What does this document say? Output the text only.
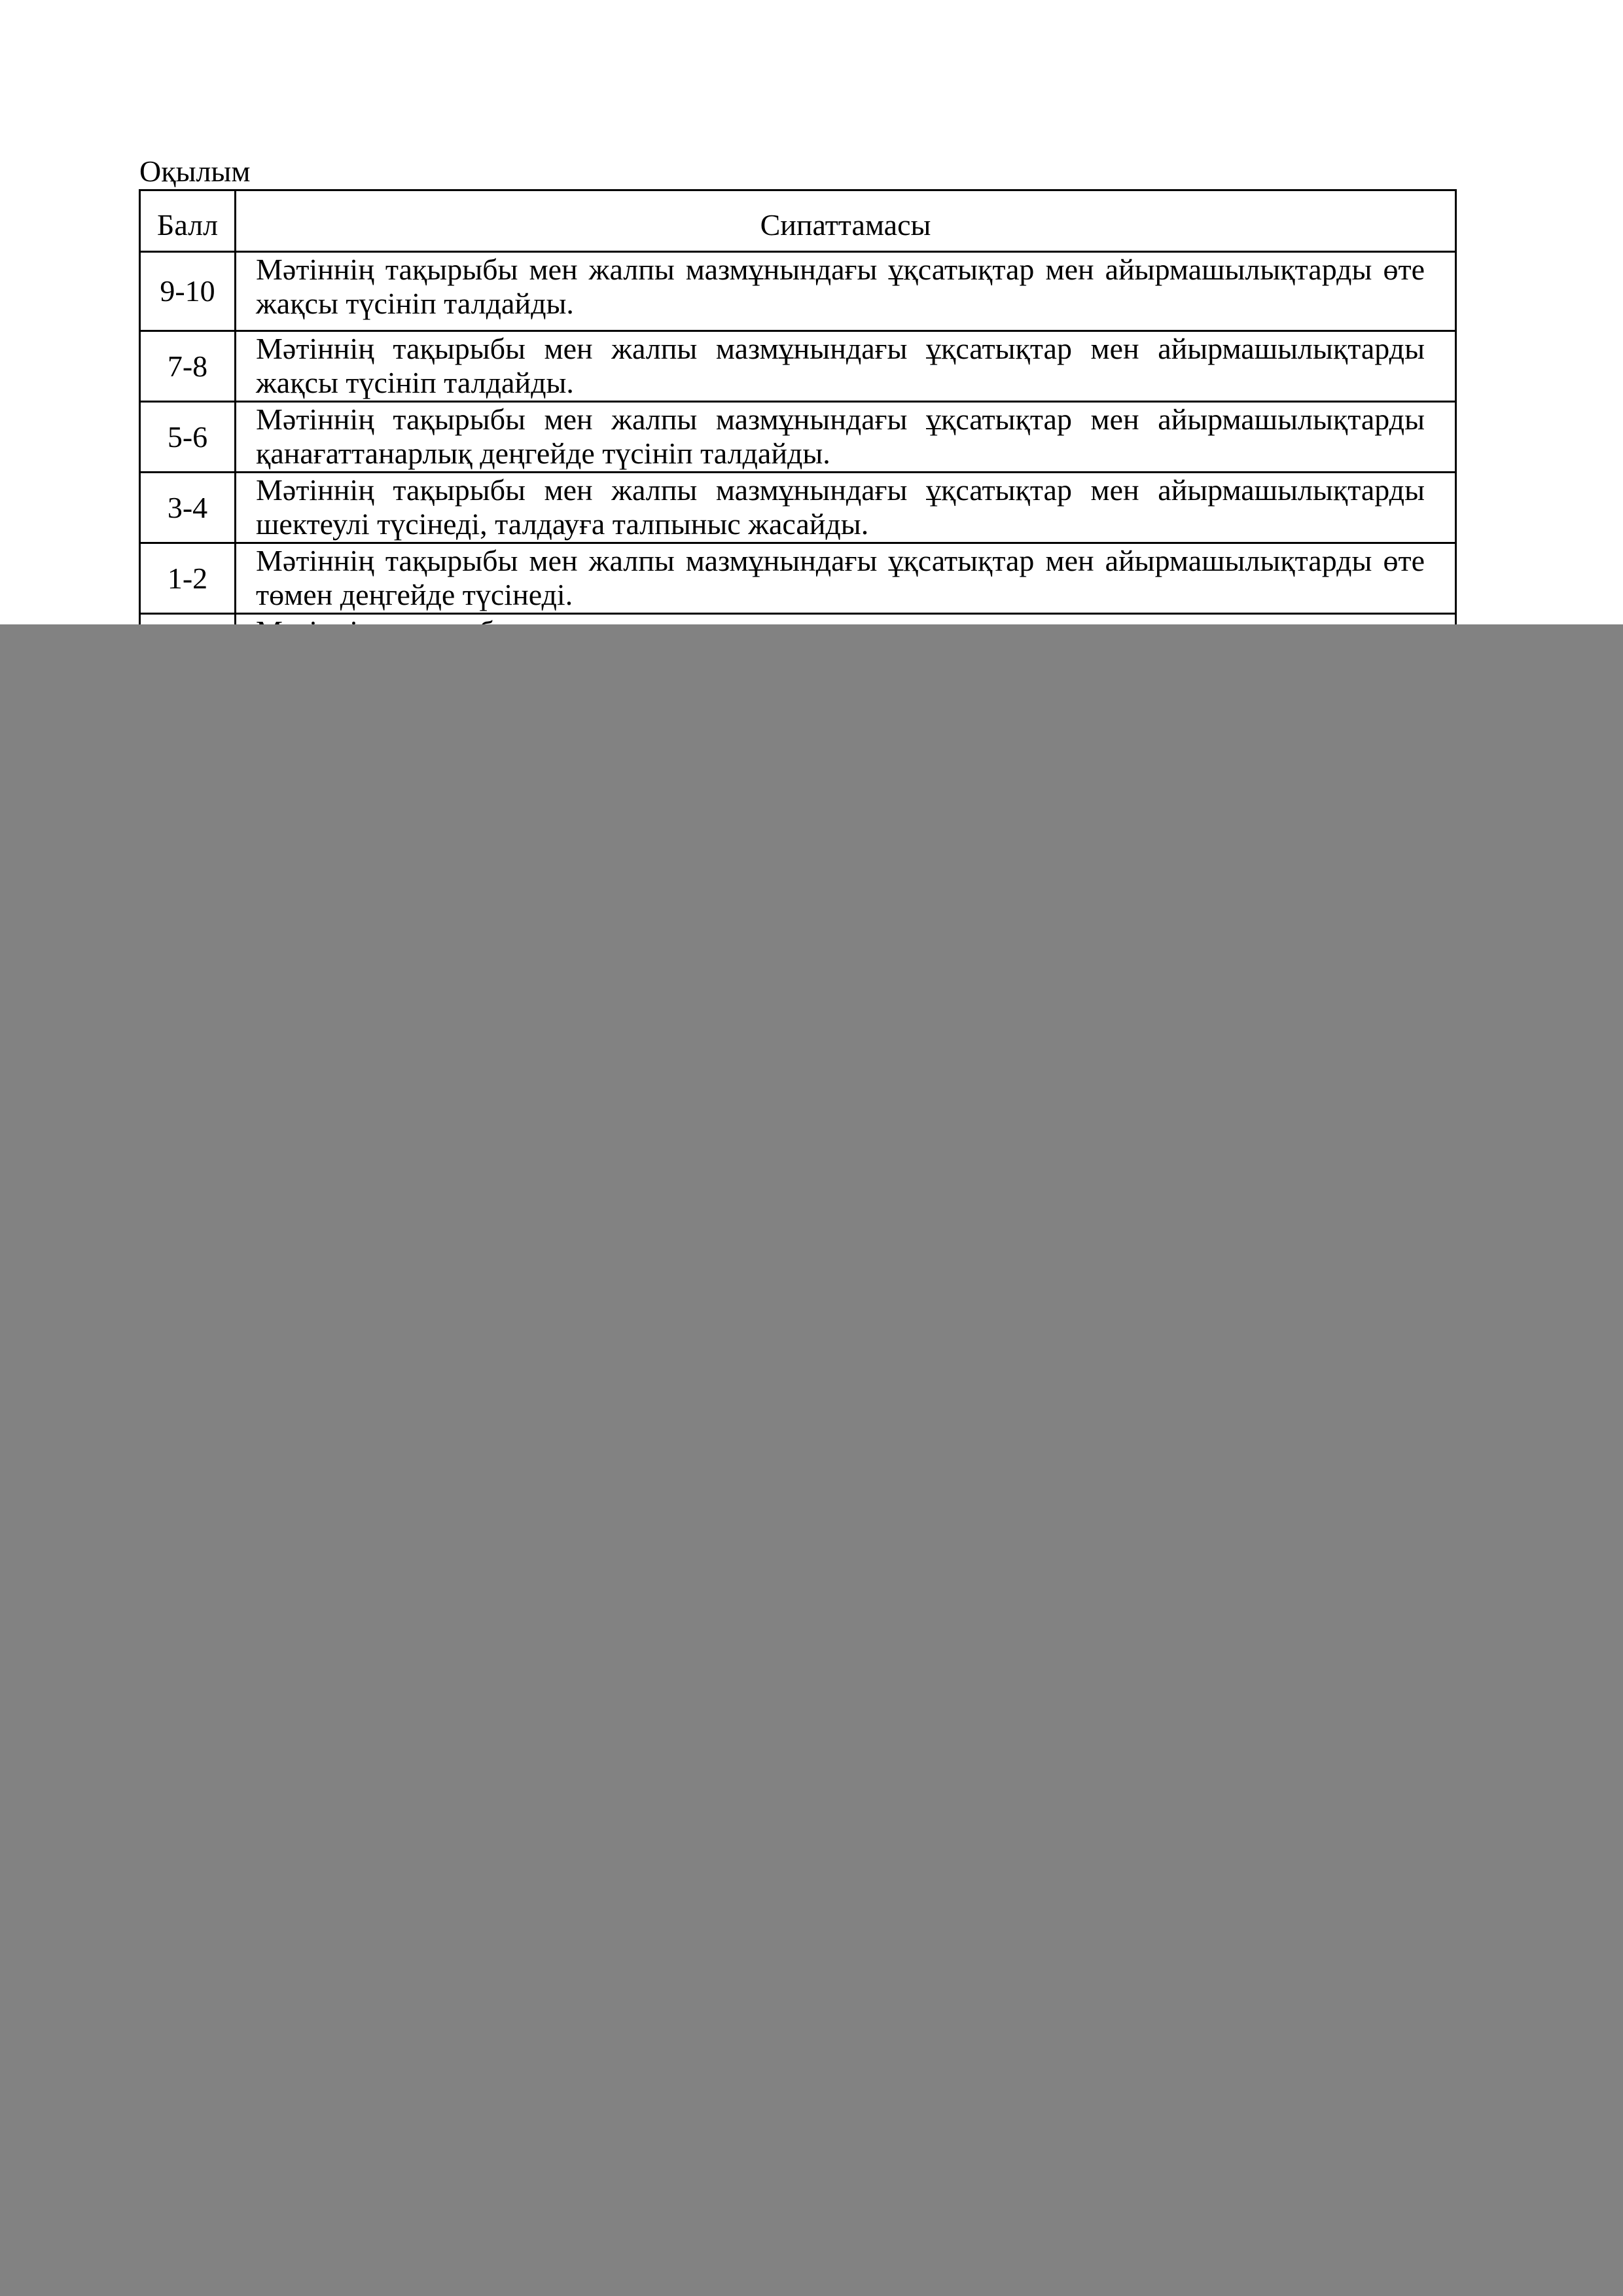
Оқылым
Балл	Сипаттамасы
9-10	Мәтіннің тақырыбы мен жалпы мазмұнындағы ұқсатықтар мен айырмашылықтарды өте жақсы түсініп талдайды.
7-8	Мәтіннің тақырыбы мен жалпы мазмұнындағы ұқсатықтар мен айырмашылықтарды жақсы түсініп талдайды.
5-6	Мәтіннің тақырыбы мен жалпы мазмұнындағы ұқсатықтар мен айырмашылықтарды қанағаттанарлық деңгейде түсініп талдайды.
3-4	Мәтіннің тақырыбы мен жалпы мазмұнындағы ұқсатықтар мен айырмашылықтарды шектеулі түсінеді, талдауға талпыныс жасайды.
1-2	Мәтіннің тақырыбы мен жалпы мазмұнындағы ұқсатықтар мен айырмашылықтарды өте төмен деңгейде түсінеді.
